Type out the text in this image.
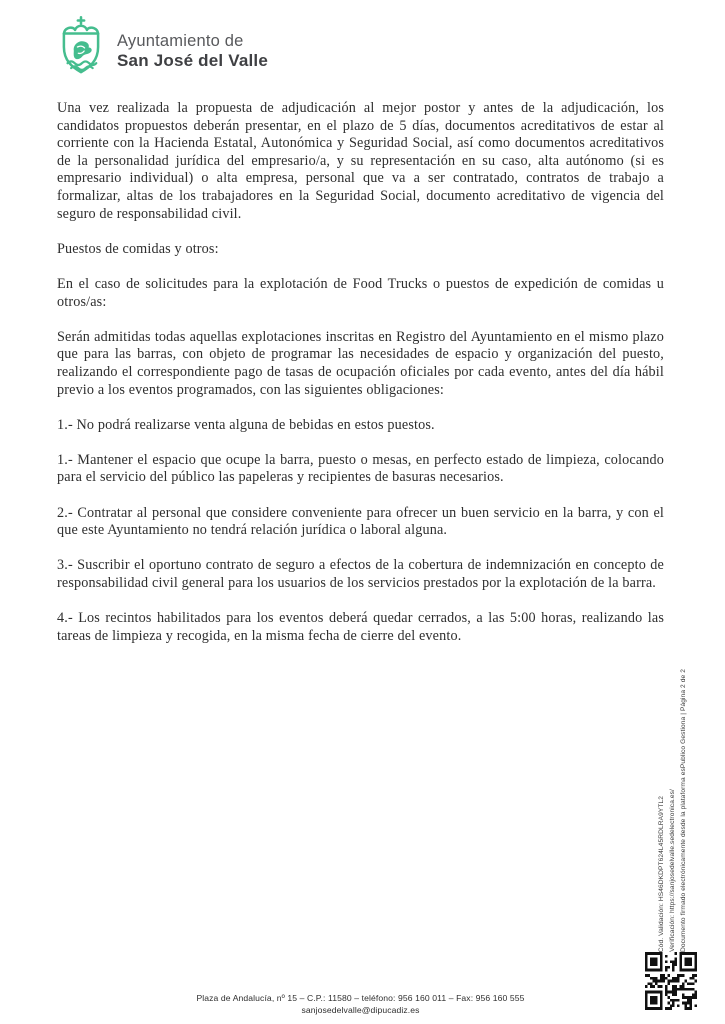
Ayuntamiento de
San José del Valle

Una vez realizada la propuesta de adjudicación al mejor postor y antes de la adjudicación, los candidatos propuestos deberán presentar, en el plazo de 5 días, documentos acreditativos de estar al corriente con la Hacienda Estatal, Autonómica y Seguridad Social, así como documentos acreditativos de la personalidad jurídica del empresario/a, y su representación en su caso, alta autónomo (si es empresario individual) o alta empresa, personal que va a ser contratado, contratos de trabajo a formalizar, altas de los trabajadores en la Seguridad Social, documento acreditativo de vigencia del seguro de responsabilidad civil.

Puestos de comidas y otros:

En el caso de solicitudes para la explotación de Food Trucks o puestos de expedición de comidas u otros/as:

Serán admitidas todas aquellas explotaciones inscritas en Registro del Ayuntamiento en el mismo plazo que para las barras, con objeto de programar las necesidades de espacio y organización del puesto, realizando el correspondiente pago de tasas de ocupación oficiales por cada evento, antes del día hábil previo a los eventos programados, con las siguientes obligaciones:

1.- No podrá realizarse venta alguna de bebidas en estos puestos.

1.- Mantener el espacio que ocupe la barra, puesto o mesas, en perfecto estado de limpieza, colocando para el servicio del público las papeleras y recipientes de basuras necesarios.

2.- Contratar al personal que considere conveniente para ofrecer un buen servicio en la barra, y con el que este Ayuntamiento no tendrá relación jurídica o laboral alguna.

3.- Suscribir el oportuno contrato de seguro a efectos de la cobertura de indemnización en concepto de responsabilidad civil general para los usuarios de los servicios prestados por la explotación de la barra.

4.- Los recintos habilitados para los eventos deberá quedar cerrados, a las 5:00 horas, realizando las tareas de limpieza y recogida, en la misma fecha de cierre del evento.

Cód. Validación: HS46DKDPT624L45RDLRA9YTL2 Verificación: https://sanjosedelvalle.sedelectronica.es/ Documento firmado electrónicamente desde la plataforma esPublico Gestiona | Página 2 de 2
Plaza de Andalucía, nº 15 – C.P.: 11580 – teléfono: 956 160 011 – Fax: 956 160 555
sanjosedelvalle@dipucadiz.es
